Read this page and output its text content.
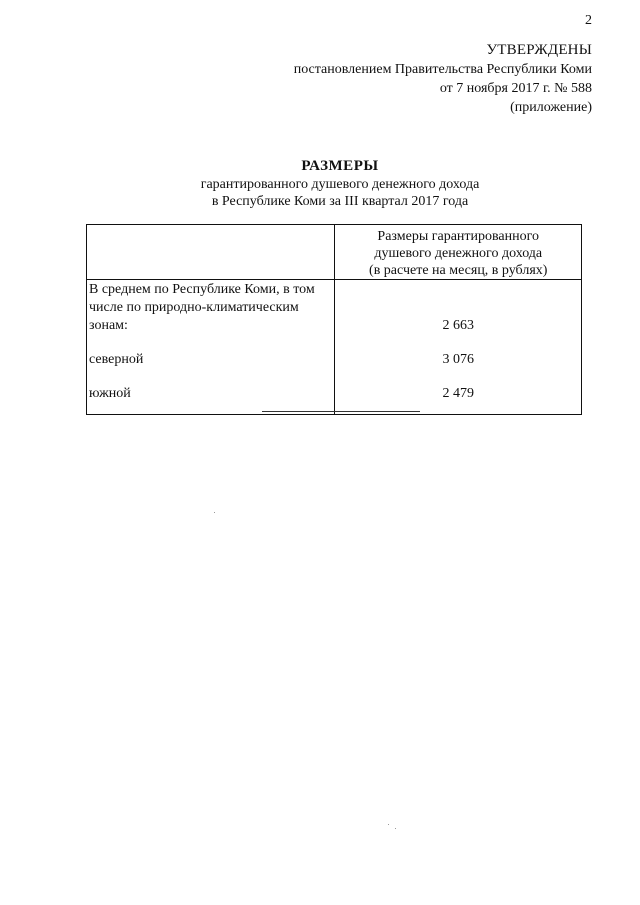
2
УТВЕРЖДЕНЫ
постановлением Правительства Республики Коми
от 7 ноября 2017 г. № 588
(приложение)
РАЗМЕРЫ
гарантированного душевого денежного дохода
в Республике Коми за III квартал 2017 года

	Размеры гарантированного
душевого денежного дохода
(в расчете на месяц, в рублях)

В среднем по Республике Коми, в том
числе по природно-климатическим
зонам:	2 663

северной	3 076

южной	2 479
